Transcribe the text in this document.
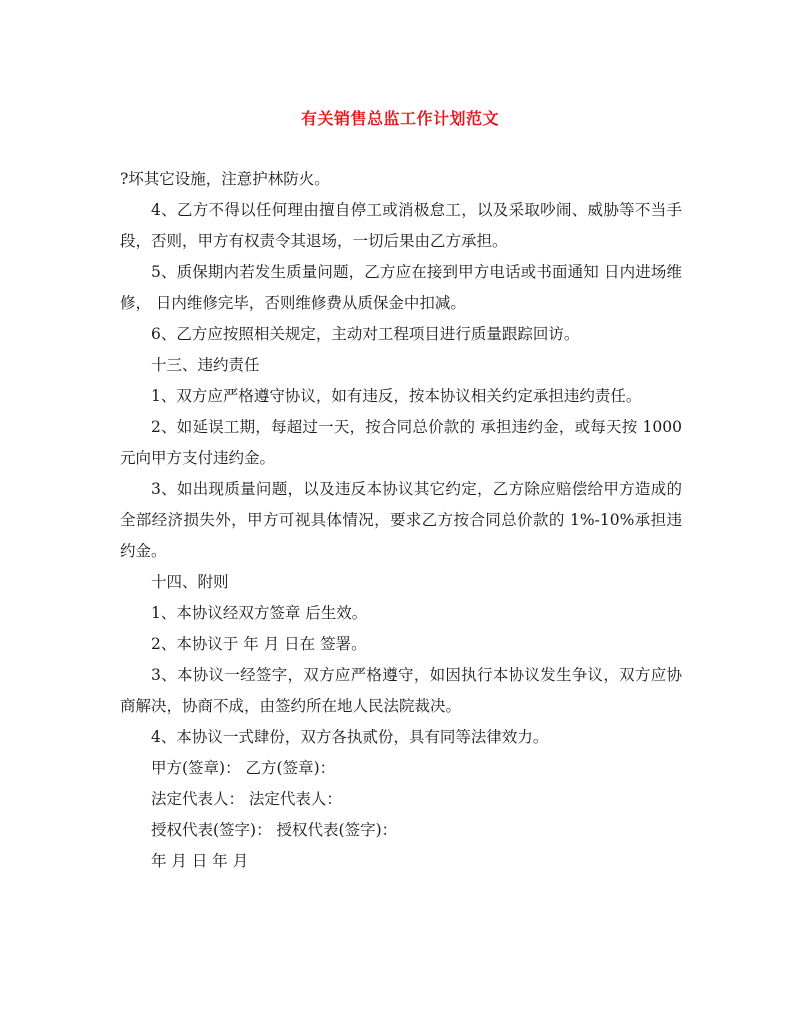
有关销售总监工作计划范文

?坏其它设施，注意护林防火。

4、乙方不得以任何理由擅自停工或消极怠工，以及采取吵闹、威胁等不当手段，否则，甲方有权责令其退场，一切后果由乙方承担。

5、质保期内若发生质量问题，乙方应在接到甲方电话或书面通知 日内进场维修， 日内维修完毕，否则维修费从质保金中扣减。

6、乙方应按照相关规定，主动对工程项目进行质量跟踪回访。

十三、违约责任

1、双方应严格遵守协议，如有违反，按本协议相关约定承担违约责任。

2、如延误工期，每超过一天，按合同总价款的 承担违约金，或每天按 1000元向甲方支付违约金。

3、如出现质量问题，以及违反本协议其它约定，乙方除应赔偿给甲方造成的全部经济损失外，甲方可视具体情况，要求乙方按合同总价款的 1%-10%承担违约金。

十四、附则

1、本协议经双方签章 后生效。

2、本协议于 年 月 日在 签署。

3、本协议一经签字，双方应严格遵守，如因执行本协议发生争议，双方应协商解决，协商不成，由签约所在地人民法院裁决。

4、本协议一式肆份，双方各执贰份，具有同等法律效力。

甲方(签章)： 乙方(签章)：

法定代表人： 法定代表人：

授权代表(签字)： 授权代表(签字)：

年 月 日 年 月
